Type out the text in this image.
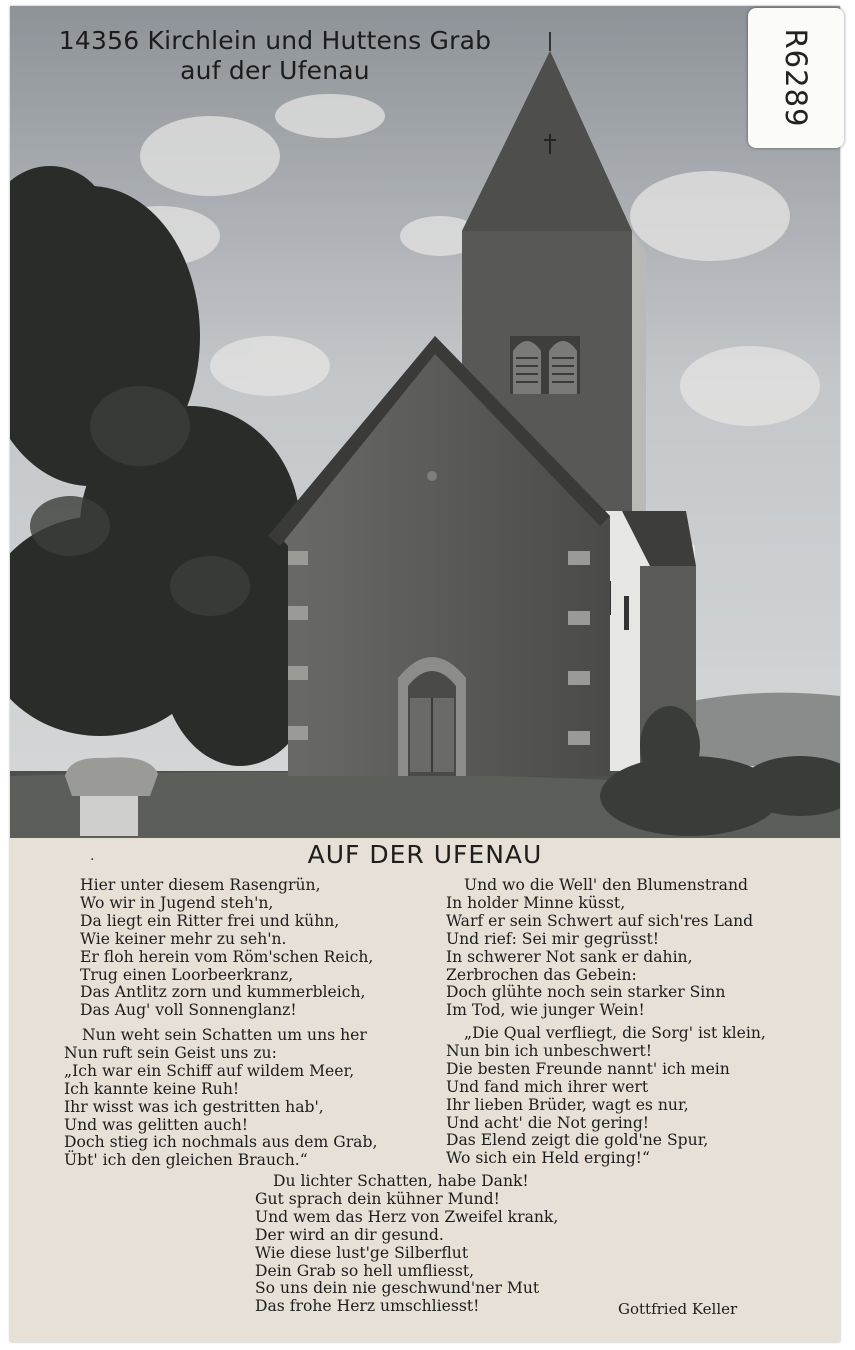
14356 Kirchlein und Huttens Grab
auf der Ufenau	R6289
·	AUF DER UFENAU
Hier unter diesem Rasengrün,
Wo wir in Jugend steh'n,
Da liegt ein Ritter frei und kühn,
Wie keiner mehr zu seh'n.
Er floh herein vom Röm'schen Reich,
Trug einen Loorbeerkranz,
Das Antlitz zorn und kummerbleich,
Das Aug' voll Sonnenglanz!
Nun weht sein Schatten um uns her
Nun ruft sein Geist uns zu:
„Ich war ein Schiff auf wildem Meer,
Ich kannte keine Ruh!
Ihr wisst was ich gestritten hab',
Und was gelitten auch!
Doch stieg ich nochmals aus dem Grab,
Übt' ich den gleichen Brauch.“
Und wo die Well' den Blumenstrand
In holder Minne küsst,
Warf er sein Schwert auf sich'res Land
Und rief: Sei mir gegrüsst!
In schwerer Not sank er dahin,
Zerbrochen das Gebein:
Doch glühte noch sein starker Sinn
Im Tod, wie junger Wein!
„Die Qual verfliegt, die Sorg' ist klein,
Nun bin ich unbeschwert!
Die besten Freunde nannt' ich mein
Und fand mich ihrer wert
Ihr lieben Brüder, wagt es nur,
Und acht' die Not gering!
Das Elend zeigt die gold'ne Spur,
Wo sich ein Held erging!“
Du lichter Schatten, habe Dank!
Gut sprach dein kühner Mund!
Und wem das Herz von Zweifel krank,
Der wird an dir gesund.
Wie diese lust'ge Silberflut
Dein Grab so hell umfliesst,
So uns dein nie geschwund'ner Mut
Das frohe Herz umschliesst!	Gottfried Keller
